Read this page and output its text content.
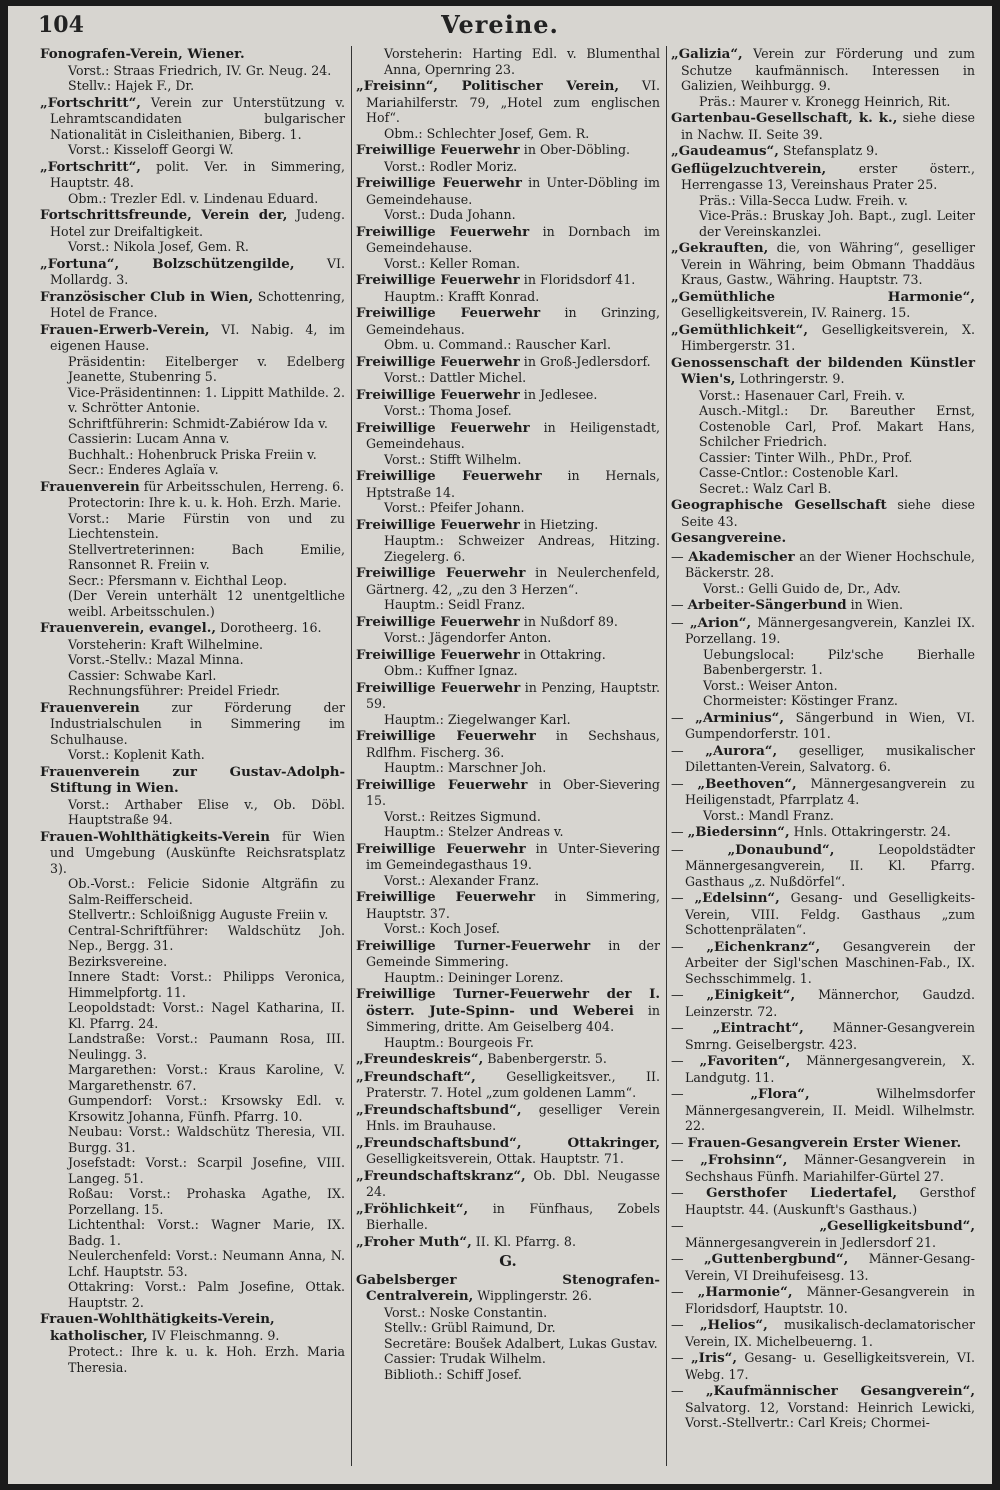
104	Vereine.
Fonografen-Verein, Wiener.
Vorst.: Straas Friedrich, IV. Gr. Neug. 24.
Stellv.: Hajek F., Dr.
„Fortschritt“, Verein zur Unterstützung v. Lehramtscandidaten bulgarischer Nationalität in Cisleithanien, Biberg. 1.
Vorst.: Kisseloff Georgi W.
„Fortschritt“, polit. Ver. in Simmering, Hauptstr. 48.
Obm.: Trezler Edl. v. Lindenau Eduard.
Fortschrittsfreunde, Verein der, Judeng. Hotel zur Dreifaltigkeit.
Vorst.: Nikola Josef, Gem. R.
„Fortuna“, Bolzschützengilde, VI. Mollardg. 3.
Französischer Club in Wien, Schottenring, Hotel de France.
Frauen-Erwerb-Verein, VI. Nabig. 4, im eigenen Hause.
Präsidentin: Eitelberger v. Edelberg Jeanette, Stubenring 5.
Vice-Präsidentinnen: 1. Lippitt Mathilde. 2. v. Schrötter Antonie.
Schriftführerin: Schmidt-Zabiérow Ida v.
Cassierin: Lucam Anna v.
Buchhalt.: Hohenbruck Priska Freiin v.
Secr.: Enderes Aglaïa v.
Frauenverein für Arbeitsschulen, Herreng. 6.
Protectorin: Ihre k. u. k. Hoh. Erzh. Marie.
Vorst.: Marie Fürstin von und zu Liechtenstein.
Stellvertreterinnen: Bach Emilie, Ransonnet R. Freiin v.
Secr.: Pfersmann v. Eichthal Leop.
(Der Verein unterhält 12 unentgeltliche weibl. Arbeitsschulen.)
Frauenverein, evangel., Dorotheerg. 16.
Vorsteherin: Kraft Wilhelmine.
Vorst.-Stellv.: Mazal Minna.
Cassier: Schwabe Karl.
Rechnungsführer: Preidel Friedr.
Frauenverein zur Förderung der Industrialschulen in Simmering im Schulhause.
Vorst.: Koplenit Kath.
Frauenverein zur Gustav-Adolph-Stiftung in Wien.
Vorst.: Arthaber Elise v., Ob. Döbl. Hauptstraße 94.
Frauen-Wohlthätigkeits-Verein für Wien und Umgebung (Auskünfte Reichsratsplatz 3).
Ob.-Vorst.: Felicie Sidonie Altgräfin zu Salm-Reifferscheid.
Stellvertr.: Schloißnigg Auguste Freiin v.
Central-Schriftführer: Waldschütz Joh. Nep., Bergg. 31.
Bezirksvereine.
Innere Stadt: Vorst.: Philipps Veronica, Himmelpfortg. 11.
Leopoldstadt: Vorst.: Nagel Katharina, II. Kl. Pfarrg. 24.
Landstraße: Vorst.: Paumann Rosa, III. Neulingg. 3.
Margarethen: Vorst.: Kraus Karoline, V. Margarethenstr. 67.
Gumpendorf: Vorst.: Krsowsky Edl. v. Krsowitz Johanna, Fünfh. Pfarrg. 10.
Neubau: Vorst.: Waldschütz Theresia, VII. Burgg. 31.
Josefstadt: Vorst.: Scarpil Josefine, VIII. Langeg. 51.
Roßau: Vorst.: Prohaska Agathe, IX. Porzellang. 15.
Lichtenthal: Vorst.: Wagner Marie, IX. Badg. 1.
Neulerchenfeld: Vorst.: Neumann Anna, N. Lchf. Hauptstr. 53.
Ottakring: Vorst.: Palm Josefine, Ottak. Hauptstr. 2.
Frauen-Wohlthätigkeits-Verein, katholischer, IV Fleischmanng. 9.
Protect.: Ihre k. u. k. Hoh. Erzh. Maria Theresia.
Vorsteherin: Harting Edl. v. Blumenthal Anna, Opernring 23.
„Freisinn“, Politischer Verein, VI. Mariahilferstr. 79, „Hotel zum englischen Hof“.
Obm.: Schlechter Josef, Gem. R.
Freiwillige Feuerwehr in Ober-Döbling.
Vorst.: Rodler Moriz.
Freiwillige Feuerwehr in Unter-Döbling im Gemeindehause.
Vorst.: Duda Johann.
Freiwillige Feuerwehr in Dornbach im Gemeindehause.
Vorst.: Keller Roman.
Freiwillige Feuerwehr in Floridsdorf 41.
Hauptm.: Krafft Konrad.
Freiwillige Feuerwehr in Grinzing, Gemeindehaus.
Obm. u. Command.: Rauscher Karl.
Freiwillige Feuerwehr in Groß-Jedlersdorf.
Vorst.: Dattler Michel.
Freiwillige Feuerwehr in Jedlesee.
Vorst.: Thoma Josef.
Freiwillige Feuerwehr in Heiligenstadt, Gemeindehaus.
Vorst.: Stifft Wilhelm.
Freiwillige Feuerwehr in Hernals, Hptstraße 14.
Vorst.: Pfeifer Johann.
Freiwillige Feuerwehr in Hietzing.
Hauptm.: Schweizer Andreas, Hitzing. Ziegelerg. 6.
Freiwillige Feuerwehr in Neulerchenfeld, Gärtnerg. 42, „zu den 3 Herzen“.
Hauptm.: Seidl Franz.
Freiwillige Feuerwehr in Nußdorf 89.
Vorst.: Jägendorfer Anton.
Freiwillige Feuerwehr in Ottakring.
Obm.: Kuffner Ignaz.
Freiwillige Feuerwehr in Penzing, Hauptstr. 59.
Hauptm.: Ziegelwanger Karl.
Freiwillige Feuerwehr in Sechshaus, Rdlfhm. Fischerg. 36.
Hauptm.: Marschner Joh.
Freiwillige Feuerwehr in Ober-Sievering 15.
Vorst.: Reitzes Sigmund.
Hauptm.: Stelzer Andreas v.
Freiwillige Feuerwehr in Unter-Sievering im Gemeindegasthaus 19.
Vorst.: Alexander Franz.
Freiwillige Feuerwehr in Simmering, Hauptstr. 37.
Vorst.: Koch Josef.
Freiwillige Turner-Feuerwehr in der Gemeinde Simmering.
Hauptm.: Deininger Lorenz.
Freiwillige Turner-Feuerwehr der I. österr. Jute-Spinn- und Weberei in Simmering, dritte. Am Geiselberg 404.
Hauptm.: Bourgeois Fr.
„Freundeskreis“, Babenbergerstr. 5.
„Freundschaft“, Geselligkeitsver., II. Praterstr. 7. Hotel „zum goldenen Lamm“.
„Freundschaftsbund“, geselliger Verein Hnls. im Brauhause.
„Freundschaftsbund“, Ottakringer, Geselligkeitsverein, Ottak. Hauptstr. 71.
„Freundschaftskranz“, Ob. Dbl. Neugasse 24.
„Fröhlichkeit“, in Fünfhaus, Zobels Bierhalle.
„Froher Muth“, II. Kl. Pfarrg. 8.
G.
Gabelsberger Stenografen-Centralverein, Wipplingerstr. 26.
Vorst.: Noske Constantin.
Stellv.: Grübl Raimund, Dr.
Secretäre: Boušek Adalbert, Lukas Gustav.
Cassier: Trudak Wilhelm.
Biblioth.: Schiff Josef.
„Galizia“, Verein zur Förderung und zum Schutze kaufmännisch. Interessen in Galizien, Weihburgg. 9.
Präs.: Maurer v. Kronegg Heinrich, Rit.
Gartenbau-Gesellschaft, k. k., siehe diese in Nachw. II. Seite 39.
„Gaudeamus“, Stefansplatz 9.
Geflügelzuchtverein, erster österr., Herrengasse 13, Vereinshaus Prater 25.
Präs.: Villa-Secca Ludw. Freih. v.
Vice-Präs.: Bruskay Joh. Bapt., zugl. Leiter der Vereinskanzlei.
„Gekrauften, die, von Währing“, geselliger Verein in Währing, beim Obmann Thaddäus Kraus, Gastw., Währing. Hauptstr. 73.
„Gemüthliche Harmonie“, Geselligkeitsverein, IV. Rainerg. 15.
„Gemüthlichkeit“, Geselligkeitsverein, X. Himbergerstr. 31.
Genossenschaft der bildenden Künstler Wien's, Lothringerstr. 9.
Vorst.: Hasenauer Carl, Freih. v.
Ausch.-Mitgl.: Dr. Bareuther Ernst, Costenoble Carl, Prof. Makart Hans, Schilcher Friedrich.
Cassier: Tinter Wilh., PhDr., Prof.
Casse-Cntlor.: Costenoble Karl.
Secret.: Walz Carl B.
Geographische Gesellschaft siehe diese Seite 43.
Gesangvereine.
— Akademischer an der Wiener Hochschule, Bäckerstr. 28.
Vorst.: Gelli Guido de, Dr., Adv.
— Arbeiter-Sängerbund in Wien.
— „Arion“, Männergesangverein, Kanzlei IX. Porzellang. 19.
Uebungslocal: Pilz'sche Bierhalle Babenbergerstr. 1.
Vorst.: Weiser Anton.
Chormeister: Köstinger Franz.
— „Arminius“, Sängerbund in Wien, VI. Gumpendorferstr. 101.
— „Aurora“, geselliger, musikalischer Dilettanten-Verein, Salvatorg. 6.
— „Beethoven“, Männergesangverein zu Heiligenstadt, Pfarrplatz 4.
Vorst.: Mandl Franz.
— „Biedersinn“, Hnls. Ottakringerstr. 24.
— „Donaubund“, Leopoldstädter Männergesangverein, II. Kl. Pfarrg. Gasthaus „z. Nußdörfel“.
— „Edelsinn“, Gesang- und Geselligkeits-Verein, VIII. Feldg. Gasthaus „zum Schottenprälaten“.
— „Eichenkranz“, Gesangverein der Arbeiter der Sigl'schen Maschinen-Fab., IX. Sechsschimmelg. 1.
— „Einigkeit“, Männerchor, Gaudzd. Leinzerstr. 72.
— „Eintracht“, Männer-Gesangverein Smrng. Geiselbergstr. 423.
— „Favoriten“, Männergesangverein, X. Landgutg. 11.
— „Flora“, Wilhelmsdorfer Männergesangverein, II. Meidl. Wilhelmstr. 22.
— Frauen-Gesangverein Erster Wiener.
— „Frohsinn“, Männer-Gesangverein in Sechshaus Fünfh. Mariahilfer-Gürtel 27.
— Gersthofer Liedertafel, Gersthof Hauptstr. 44. (Auskunft's Gasthaus.)
— „Geselligkeitsbund“, Männergesangverein in Jedlersdorf 21.
— „Guttenbergbund“, Männer-Gesang-Verein, VI Dreihufeisesg. 13.
— „Harmonie“, Männer-Gesangverein in Floridsdorf, Hauptstr. 10.
— „Helios“, musikalisch-declamatorischer Verein, IX. Michelbeuerng. 1.
— „Iris“, Gesang- u. Geselligkeitsverein, VI. Webg. 17.
— „Kaufmännischer Gesangverein“, Salvatorg. 12, Vorstand: Heinrich Lewicki, Vorst.-Stellvertr.: Carl Kreis; Chormei-
